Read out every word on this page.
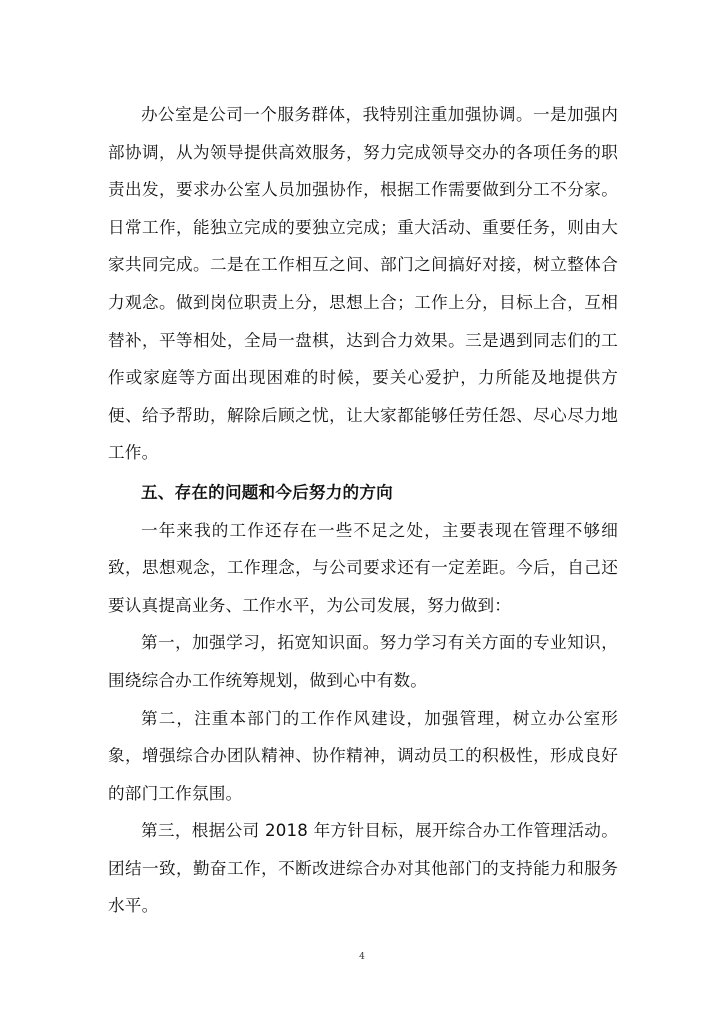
办公室是公司一个服务群体，我特别注重加强协调。一是加强内部协调，从为领导提供高效服务，努力完成领导交办的各项任务的职责出发，要求办公室人员加强协作，根据工作需要做到分工不分家。日常工作，能独立完成的要独立完成；重大活动、重要任务，则由大家共同完成。二是在工作相互之间、部门之间搞好对接，树立整体合力观念。做到岗位职责上分，思想上合；工作上分，目标上合，互相替补，平等相处，全局一盘棋，达到合力效果。三是遇到同志们的工作或家庭等方面出现困难的时候，要关心爱护，力所能及地提供方便、给予帮助，解除后顾之忧，让大家都能够任劳任怨、尽心尽力地工作。

五、存在的问题和今后努力的方向

一年来我的工作还存在一些不足之处，主要表现在管理不够细致，思想观念，工作理念，与公司要求还有一定差距。今后，自己还要认真提高业务、工作水平，为公司发展，努力做到：

第一，加强学习，拓宽知识面。努力学习有关方面的专业知识，围绕综合办工作统筹规划，做到心中有数。

第二，注重本部门的工作作风建设，加强管理，树立办公室形象，增强综合办团队精神、协作精神，调动员工的积极性，形成良好的部门工作氛围。

第三，根据公司 2018 年方针目标，展开综合办工作管理活动。团结一致，勤奋工作，不断改进综合办对其他部门的支持能力和服务水平。

4
